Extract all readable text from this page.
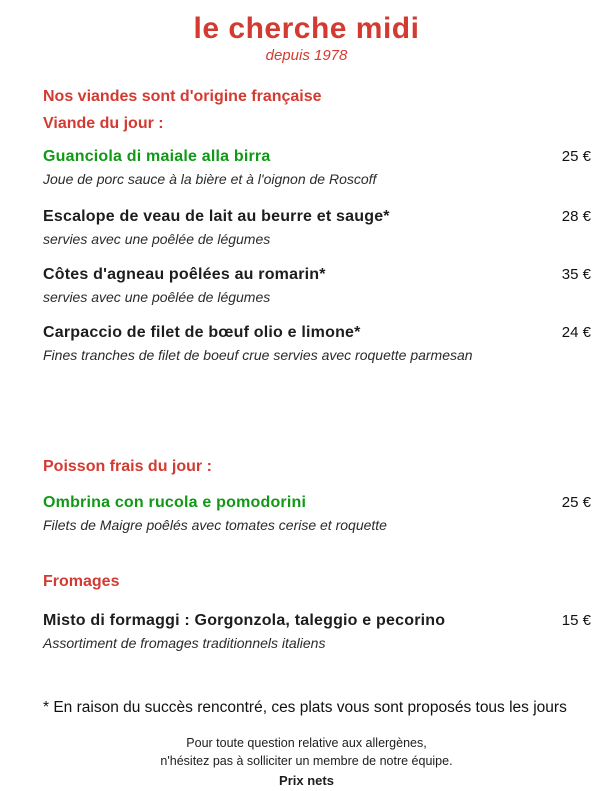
le cherche midi
depuis 1978
Nos viandes sont d'origine française
Viande du jour :
Guanciola di maiale alla birra	25 €
Joue de porc sauce à la bière et à l'oignon de Roscoff
Escalope de veau de lait au beurre et sauge*	28 €
servies avec une poêlée de légumes
Côtes d'agneau poêlées au romarin*	35 €
servies avec une poêlée de légumes
Carpaccio de filet de bœuf olio e limone*	24 €
Fines tranches de filet de boeuf crue servies avec roquette parmesan
Poisson frais du jour :
Ombrina con rucola e pomodorini	25 €
Filets de Maigre poêlés avec tomates cerise et roquette
Fromages
Misto di formaggi : Gorgonzola, taleggio e pecorino	15 €
Assortiment de fromages traditionnels italiens
* En raison du succès rencontré, ces plats vous sont proposés tous les jours
Pour toute question relative aux allergènes,
n'hésitez pas à solliciter un membre de notre équipe.
Prix nets
